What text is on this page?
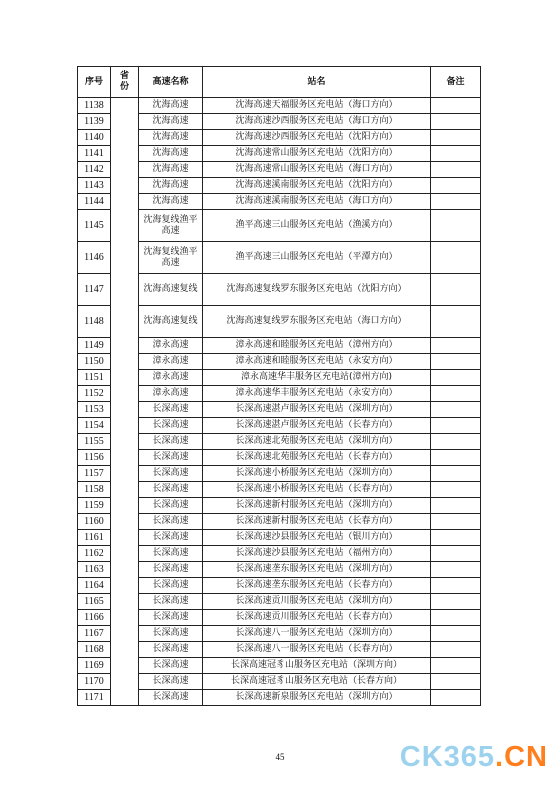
序号	省份	高速名称	站名	备注
1138		沈海高速	沈海高速天福服务区充电站（海口方向）	
1139		沈海高速	沈海高速沙西服务区充电站（海口方向）	
1140		沈海高速	沈海高速沙西服务区充电站（沈阳方向）	
1141		沈海高速	沈海高速常山服务区充电站（沈阳方向）	
1142		沈海高速	沈海高速常山服务区充电站（海口方向）	
1143		沈海高速	沈海高速溪南服务区充电站（沈阳方向）	
1144		沈海高速	沈海高速溪南服务区充电站（海口方向）	
1145		沈海复线渔平高速	渔平高速三山服务区充电站（渔溪方向）	
1146		沈海复线渔平高速	渔平高速三山服务区充电站（平潭方向）	
1147		沈海高速复线	沈海高速复线罗东服务区充电站（沈阳方向）	
1148		沈海高速复线	沈海高速复线罗东服务区充电站（海口方向）	
1149		漳永高速	漳永高速和睦服务区充电站（漳州方向）	
1150		漳永高速	漳永高速和睦服务区充电站（永安方向）	
1151		漳永高速	漳永高速华丰服务区充电站(漳州方向)	
1152		漳永高速	漳永高速华丰服务区充电站（永安方向）	
1153		长深高速	长深高速湛卢服务区充电站（深圳方向）	
1154		长深高速	长深高速湛卢服务区充电站（长春方向）	
1155		长深高速	长深高速北苑服务区充电站（深圳方向）	
1156		长深高速	长深高速北苑服务区充电站（长春方向）	
1157		长深高速	长深高速小桥服务区充电站（深圳方向）	
1158		长深高速	长深高速小桥服务区充电站（长春方向）	
1159		长深高速	长深高速新村服务区充电站（深圳方向）	
1160		长深高速	长深高速新村服务区充电站（长春方向）	
1161		长深高速	长深高速沙县服务区充电站（银川方向）	
1162		长深高速	长深高速沙县服务区充电站（福州方向）	
1163		长深高速	长深高速垄东服务区充电站（深圳方向）	
1164		长深高速	长深高速垄东服务区充电站（长春方向）	
1165		长深高速	长深高速贡川服务区充电站（深圳方向）	
1166		长深高速	长深高速贡川服务区充电站（长春方向）	
1167		长深高速	长深高速八一服务区充电站（深圳方向）	
1168		长深高速	长深高速八一服务区充电站（长春方向）	
1169		长深高速	长深高速冠豸山服务区充电站（深圳方向）	
1170		长深高速	长深高速冠豸山服务区充电站（长春方向）	
1171		长深高速	长深高速新泉服务区充电站（深圳方向）	
45	CK365.CN
